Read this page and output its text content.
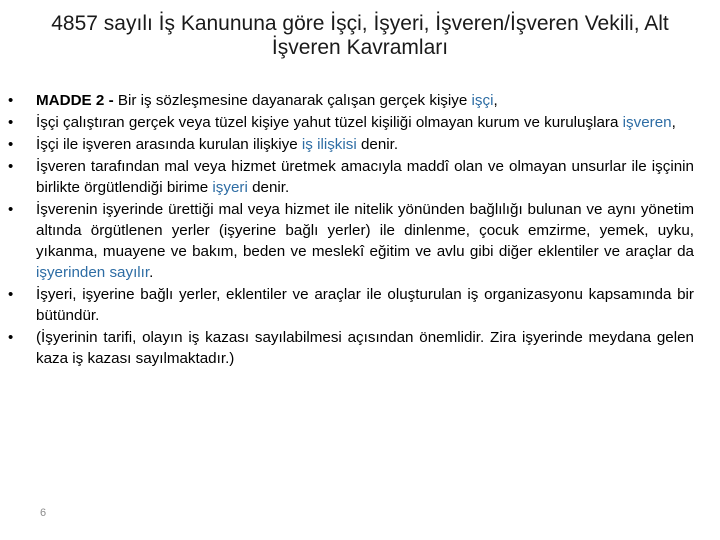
4857 sayılı İş Kanununa göre İşçi, İşyeri, İşveren/İşveren Vekili, Alt İşveren Kavramları
• MADDE 2 - Bir iş sözleşmesine dayanarak çalışan gerçek kişiye işçi,
• İşçi çalıştıran gerçek veya tüzel kişiye yahut tüzel kişiliği olmayan kurum ve kuruluşlara işveren,
• İşçi ile işveren arasında kurulan ilişkiye iş ilişkisi denir.
• İşveren tarafından mal veya hizmet üretmek amacıyla maddî olan ve olmayan unsurlar ile işçinin birlikte örgütlendiği birime işyeri denir.
• İşverenin işyerinde ürettiği mal veya hizmet ile nitelik yönünden bağlılığı bulunan ve aynı yönetim altında örgütlenen yerler (işyerine bağlı yerler) ile dinlenme, çocuk emzirme, yemek, uyku, yıkanma, muayene ve bakım, beden ve meslekî eğitim ve avlu gibi diğer eklentiler ve araçlar da işyerinden sayılır.
• İşyeri, işyerine bağlı yerler, eklentiler ve araçlar ile oluşturulan iş organizasyonu kapsamında bir bütündür.
• (İşyerinin tarifi, olayın iş kazası sayılabilmesi açısından önemlidir. Zira işyerinde meydana gelen kaza iş kazası sayılmaktadır.)
6
